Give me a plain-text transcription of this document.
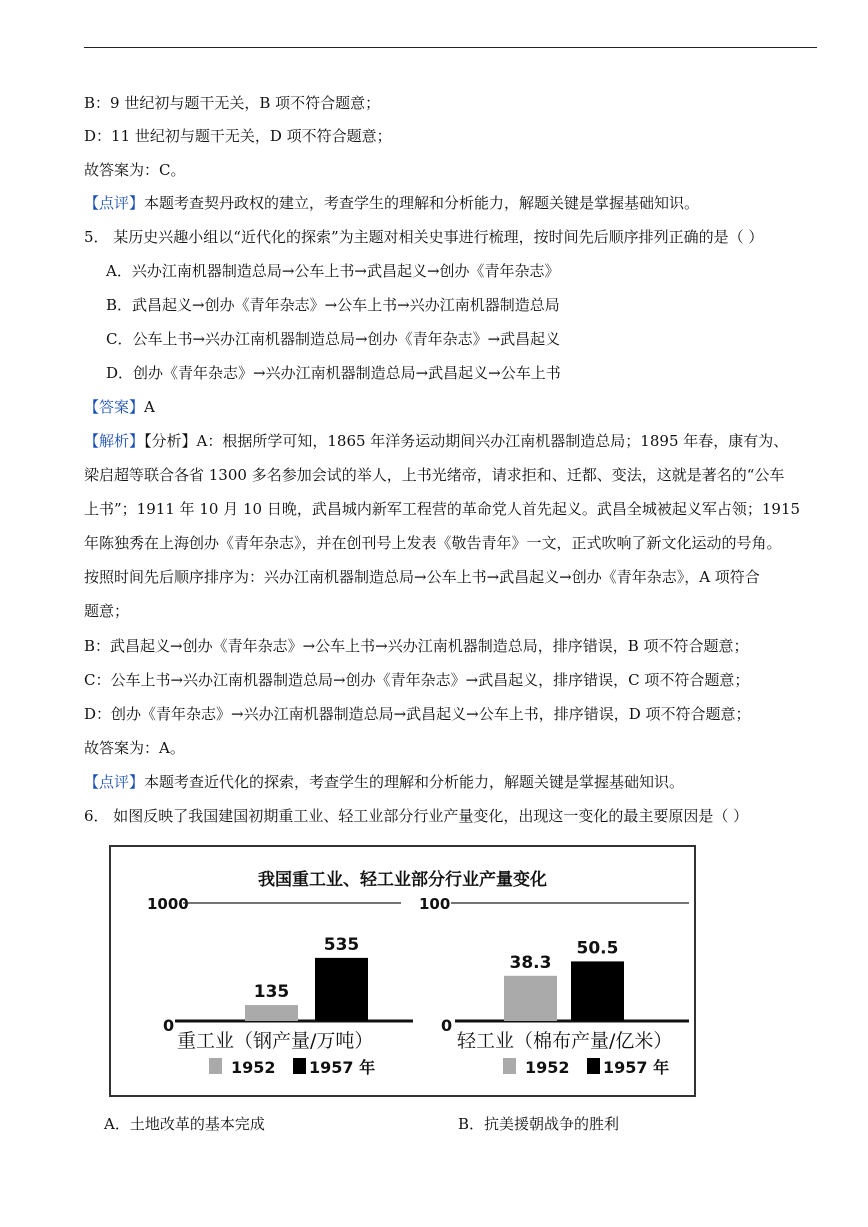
B：9 世纪初与题干无关，B 项不符合题意；
D：11 世纪初与题干无关，D 项不符合题意；
故答案为：C。
【点评】本题考查契丹政权的建立，考查学生的理解和分析能力，解题关键是掌握基础知识。
5． 某历史兴趣小组以“近代化的探索”为主题对相关史事进行梳理，按时间先后顺序排列正确的是（ ）
A．兴办江南机器制造总局→公车上书→武昌起义→创办《青年杂志》
B．武昌起义→创办《青年杂志》→公车上书→兴办江南机器制造总局
C．公车上书→兴办江南机器制造总局→创办《青年杂志》→武昌起义
D．创办《青年杂志》→兴办江南机器制造总局→武昌起义→公车上书
【答案】A
【解析】【分析】A：根据所学可知，1865 年洋务运动期间兴办江南机器制造总局；1895 年春，康有为、
梁启超等联合各省 1300 多名参加会试的举人，上书光绪帝，请求拒和、迁都、变法，这就是著名的“公车
上书”；1911 年 10 月 10 日晚，武昌城内新军工程营的革命党人首先起义。武昌全城被起义军占领；1915
年陈独秀在上海创办《青年杂志》，并在创刊号上发表《敬告青年》一文，正式吹响了新文化运动的号角。
按照时间先后顺序排序为：兴办江南机器制造总局→公车上书→武昌起义→创办《青年杂志》，A 项符合
题意；
B：武昌起义→创办《青年杂志》→公车上书→兴办江南机器制造总局，排序错误，B 项不符合题意；
C：公车上书→兴办江南机器制造总局→创办《青年杂志》→武昌起义，排序错误，C 项不符合题意；
D：创办《青年杂志》→兴办江南机器制造总局→武昌起义→公车上书，排序错误，D 项不符合题意；
故答案为：A。
【点评】本题考查近代化的探索，考查学生的理解和分析能力，解题关键是掌握基础知识。
6． 如图反映了我国建国初期重工业、轻工业部分行业产量变化，出现这一变化的最主要原因是（ ）
我国重工业、轻工业部分行业产量变化
1000
0
135
535
重工业（钢产量/万吨）
1952 1957 年
100
0
38.3
50.5
轻工业（棉布产量/亿米）
1952 1957 年
A．土地改革的基本完成	B．抗美援朝战争的胜利
